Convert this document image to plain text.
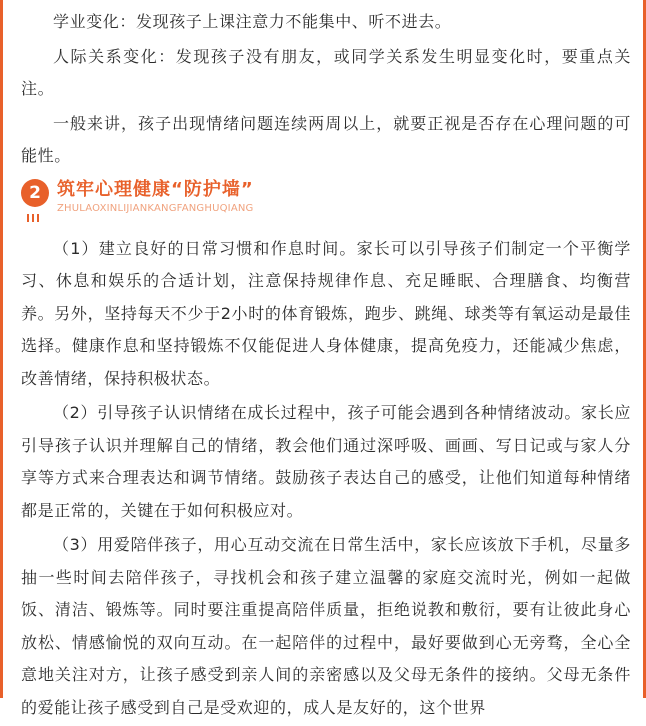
学业变化：发现孩子上课注意力不能集中、听不进去。

人际关系变化：发现孩子没有朋友，或同学关系发生明显变化时，要重点关注。

一般来讲，孩子出现情绪问题连续两周以上，就要正视是否存在心理问题的可能性。

2 筑牢心理健康“防护墙”
ZHULAOXINLIJIANKANGFANGHUQIANG

（1）建立良好的日常习惯和作息时间。家长可以引导孩子们制定一个平衡学习、休息和娱乐的合适计划，注意保持规律作息、充足睡眠、合理膳食、均衡营养。另外，坚持每天不少于2小时的体育锻炼，跑步、跳绳、球类等有氧运动是最佳选择。健康作息和坚持锻炼不仅能促进人身体健康，提高免疫力，还能减少焦虑，改善情绪，保持积极状态。

（2）引导孩子认识情绪在成长过程中，孩子可能会遇到各种情绪波动。家长应引导孩子认识并理解自己的情绪，教会他们通过深呼吸、画画、写日记或与家人分享等方式来合理表达和调节情绪。鼓励孩子表达自己的感受，让他们知道每种情绪都是正常的，关键在于如何积极应对。

（3）用爱陪伴孩子，用心互动交流在日常生活中，家长应该放下手机，尽量多抽一些时间去陪伴孩子，寻找机会和孩子建立温馨的家庭交流时光，例如一起做饭、清洁、锻炼等。同时要注重提高陪伴质量，拒绝说教和敷衍，要有让彼此身心放松、情感愉悦的双向互动。在一起陪伴的过程中，最好要做到心无旁骛，全心全意地关注对方，让孩子感受到亲人间的亲密感以及父母无条件的接纳。父母无条件的爱能让孩子感受到自己是受欢迎的，成人是友好的，这个世界
